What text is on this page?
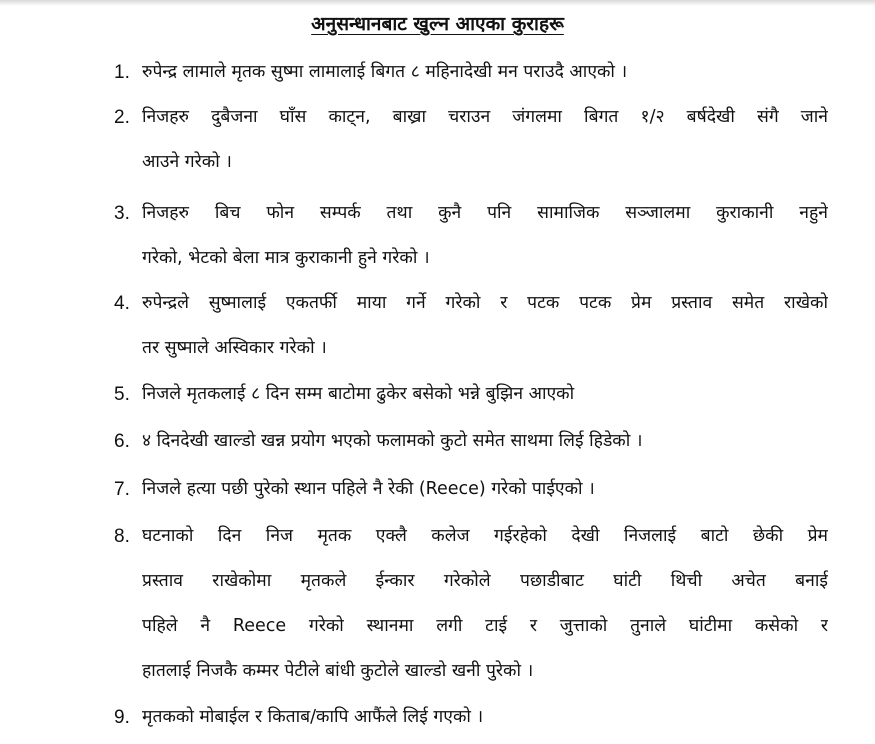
अनुसन्धानबाट खुल्न आएका कुराहरू
1. रुपेन्द्र लामाले मृतक सुष्मा लामालाई बिगत ८ महिनादेखी मन पराउदै आएको ।
2. निजहरु दुबैजना घाँस काट्न, बाख्रा चराउन जंगलमा बिगत १/२ बर्षदेखी संगै जाने
आउने गरेको ।
3. निजहरु बिच फोन सम्पर्क तथा कुनै पनि सामाजिक सञ्जालमा कुराकानी नहुने
गरेको, भेटको बेला मात्र कुराकानी हुने गरेको ।
4. रुपेन्द्रले सुष्मालाई एकतर्फी माया गर्ने गरेको र पटक पटक प्रेम प्रस्ताव समेत राखेको
तर सुष्माले अस्विकार गरेको ।
5. निजले मृतकलाई ८ दिन सम्म बाटोमा ढुकेर बसेको भन्ने बुझिन आएको
6. ४ दिनदेखी खाल्डो खन्न प्रयोग भएको फलामको कुटो समेत साथमा लिई हिडेको ।
7. निजले हत्या पछी पुरेको स्थान पहिले नै रेकी (Reece) गरेको पाईएको ।
8. घटनाको दिन निज मृतक एक्लै कलेज गईरहेको देखी निजलाई बाटो छेकी प्रेम
प्रस्ताव राखेकोमा मृतकले ईन्कार गरेकोले पछाडीबाट घांटी थिची अचेत बनाई
पहिले नै Reece गरेको स्थानमा लगी टाई र जुत्ताको तुनाले घांटीमा कसेको र
हातलाई निजकै कम्मर पेटीले बांधी कुटोले खाल्डो खनी पुरेको ।
9. मृतकको मोबाईल र किताब/कापि आफैंले लिई गएको ।
